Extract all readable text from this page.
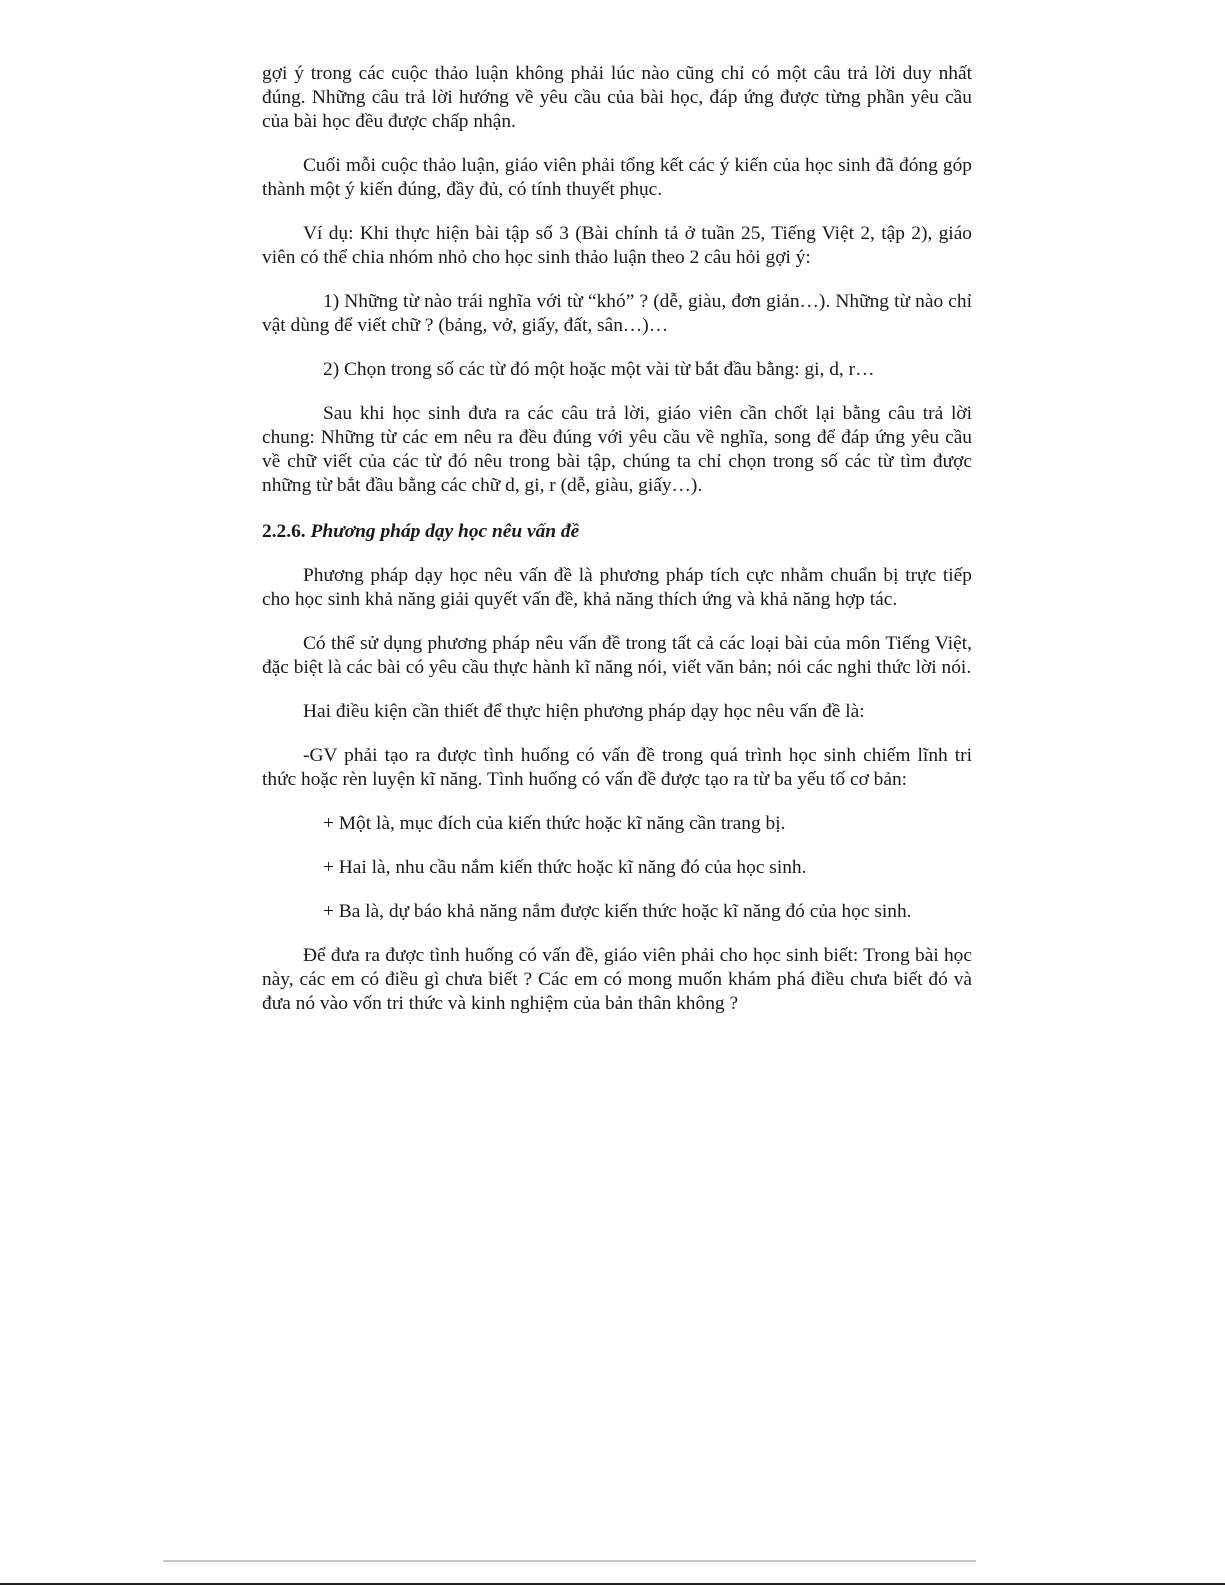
gợi ý trong các cuộc thảo luận không phải lúc nào cũng chỉ có một câu trả lời duy nhất đúng. Những câu trả lời hướng về yêu cầu của bài học, đáp ứng được từng phần yêu cầu của bài học đều được chấp nhận.

Cuối mỗi cuộc thảo luận, giáo viên phải tổng kết các ý kiến của học sinh đã đóng góp thành một ý kiến đúng, đầy đủ, có tính thuyết phục.

Ví dụ: Khi thực hiện bài tập số 3 (Bài chính tả ở tuần 25, Tiếng Việt 2, tập 2), giáo viên có thể chia nhóm nhỏ cho học sinh thảo luận theo 2 câu hỏi gợi ý:

1) Những từ nào trái nghĩa với từ “khó” ? (dễ, giàu, đơn giản…). Những từ nào chỉ vật dùng để viết chữ ? (bảng, vở, giấy, đất, sân…)…

2) Chọn trong số các từ đó một hoặc một vài từ bắt đầu bằng: gi, d, r…

Sau khi học sinh đưa ra các câu trả lời, giáo viên cần chốt lại bằng câu trả lời chung: Những từ các em nêu ra đều đúng với yêu cầu về nghĩa, song để đáp ứng yêu cầu về chữ viết của các từ đó nêu trong bài tập, chúng ta chỉ chọn trong số các từ tìm được những từ bắt đầu bằng các chữ d, gi, r (dễ, giàu, giấy…).

2.2.6. Phương pháp dạy học nêu vấn đề

Phương pháp dạy học nêu vấn đề là phương pháp tích cực nhằm chuẩn bị trực tiếp cho học sinh khả năng giải quyết vấn đề, khả năng thích ứng và khả năng hợp tác.

Có thể sử dụng phương pháp nêu vấn đề trong tất cả các loại bài của môn Tiếng Việt, đặc biệt là các bài có yêu cầu thực hành kĩ năng nói, viết văn bản; nói các nghi thức lời nói.

Hai điều kiện cần thiết để thực hiện phương pháp dạy học nêu vấn đề là:

-GV phải tạo ra được tình huống có vấn đề trong quá trình học sinh chiếm lĩnh tri thức hoặc rèn luyện kĩ năng. Tình huống có vấn đề được tạo ra từ ba yếu tố cơ bản:

+ Một là, mục đích của kiến thức hoặc kĩ năng cần trang bị.

+ Hai là, nhu cầu nắm kiến thức hoặc kĩ năng đó của học sinh.

+ Ba là, dự báo khả năng nắm được kiến thức hoặc kĩ năng đó của học sinh.

Để đưa ra được tình huống có vấn đề, giáo viên phải cho học sinh biết: Trong bài học này, các em có điều gì chưa biết ? Các em có mong muốn khám phá điều chưa biết đó và đưa nó vào vốn tri thức và kinh nghiệm của bản thân không ?
